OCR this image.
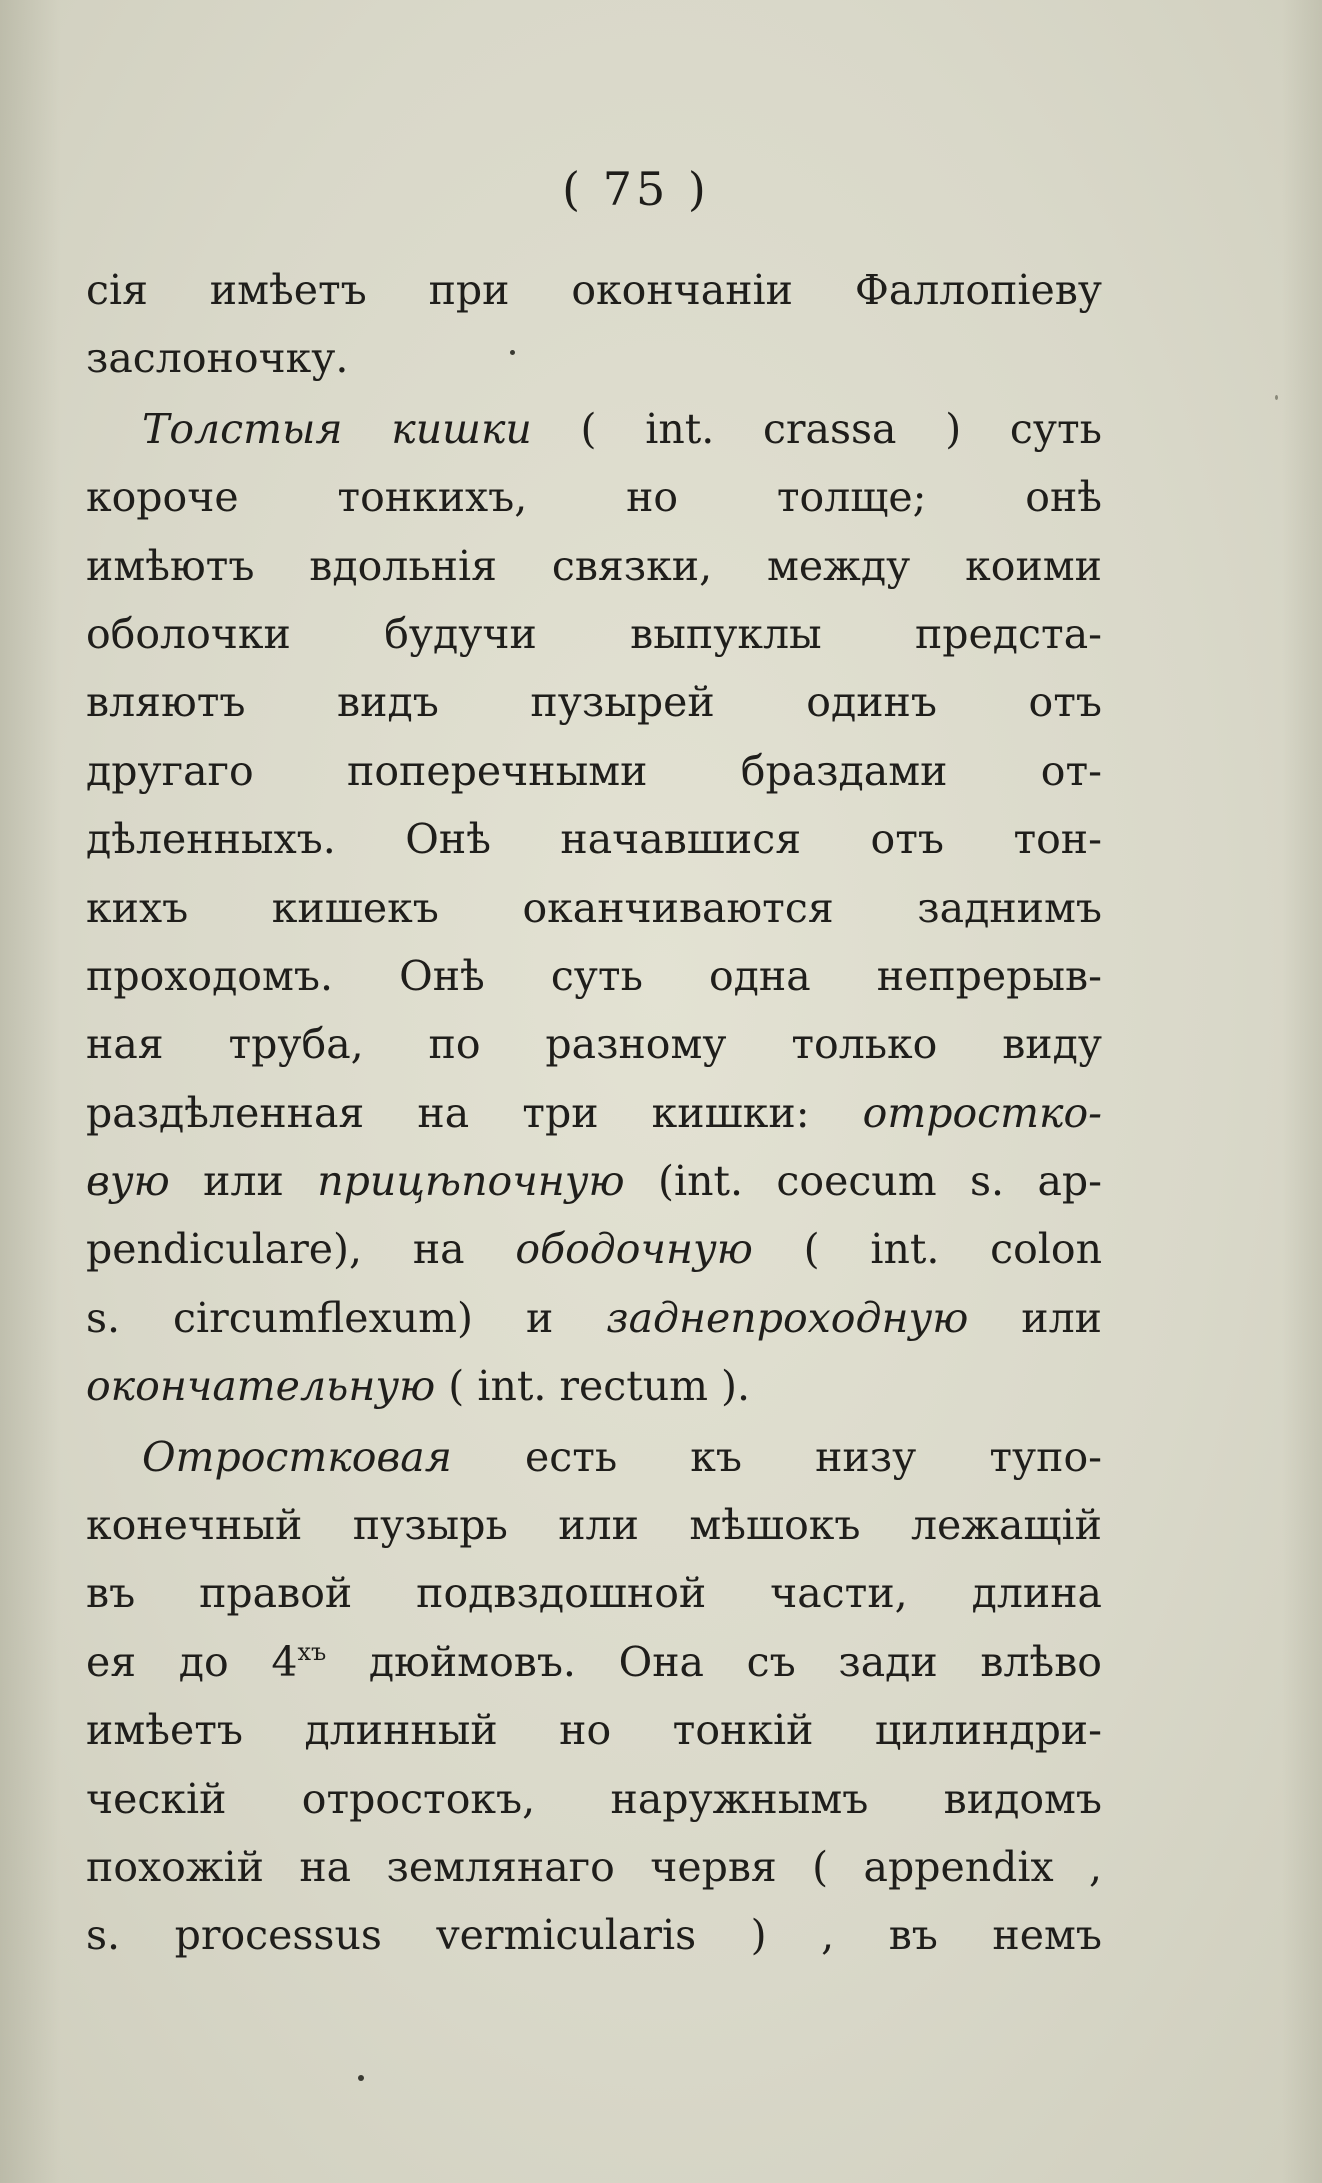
( 75 )
сія имѣетъ при окончаніи Фаллопіеву
заслоночку.
Толстыя кишки ( int. crassa ) суть
короче тонкихъ, но толще; онѣ
имѣютъ вдольнія связки, между коими
оболочки будучи выпуклы предста-
вляютъ видъ пузырей одинъ отъ
другаго поперечными браздами от-
дѣленныхъ. Онѣ начавшися отъ тон-
кихъ кишекъ оканчиваются заднимъ
проходомъ. Онѣ суть одна непрерыв-
ная труба, по разному только виду
раздѣленная на три кишки: отростко-
вую или прицѣпочную (int. coecum s. ap-
pendiculare), на ободочную ( int. colon
s. circumflexum) и заднепроходную или
окончательную ( int. rectum ).
Отростковая есть къ низу тупо-
конечный пузырь или мѣшокъ лежащій
въ правой подвздошной части, длина
ея до $4^{хъ}$ дюймовъ. Она съ зади влѣво
имѣетъ длинный но тонкій цилиндри-
ческій отростокъ, наружнымъ видомъ
похожій на землянаго червя ( appendix ,
s. processus vermicularis ) , въ немъ
